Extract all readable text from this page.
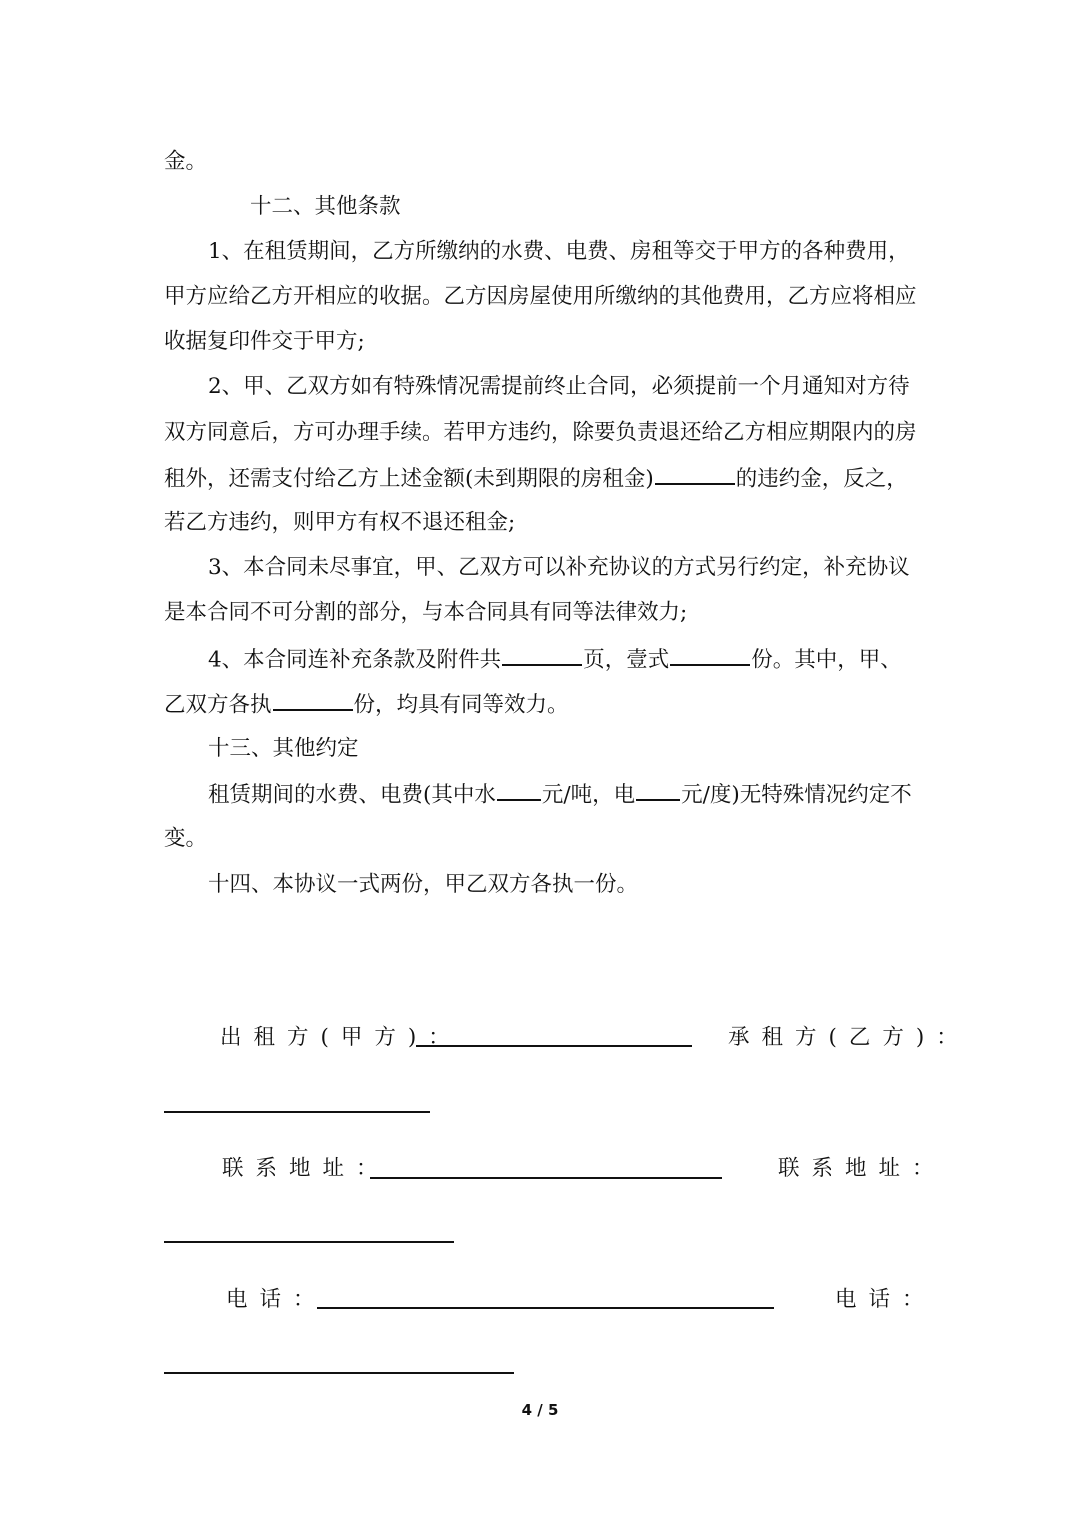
金。
十二、其他条款
1、在租赁期间，乙方所缴纳的水费、电费、房租等交于甲方的各种费用，
甲方应给乙方开相应的收据。乙方因房屋使用所缴纳的其他费用，乙方应将相应
收据复印件交于甲方;
2、甲、乙双方如有特殊情况需提前终止合同，必须提前一个月通知对方待
双方同意后，方可办理手续。若甲方违约，除要负责退还给乙方相应期限内的房
租外，还需支付给乙方上述金额(未到期限的房租金)	的违约金，反之，
若乙方违约，则甲方有权不退还租金;
3、本合同未尽事宜，甲、乙双方可以补充协议的方式另行约定，补充协议
是本合同不可分割的部分，与本合同具有同等法律效力;
4、本合同连补充条款及附件共	页，壹式	份。其中，甲、
乙双方各执	份，均具有同等效力。
十三、其他约定
租赁期间的水费、电费(其中水 元/吨，电 元/度)无特殊情况约定不
变。
十四、本协议一式两份，甲乙双方各执一份。
出租方(甲方)：	承租方(乙方)：
联系地址：	联系地址：
电话：	电话：
4 / 5
